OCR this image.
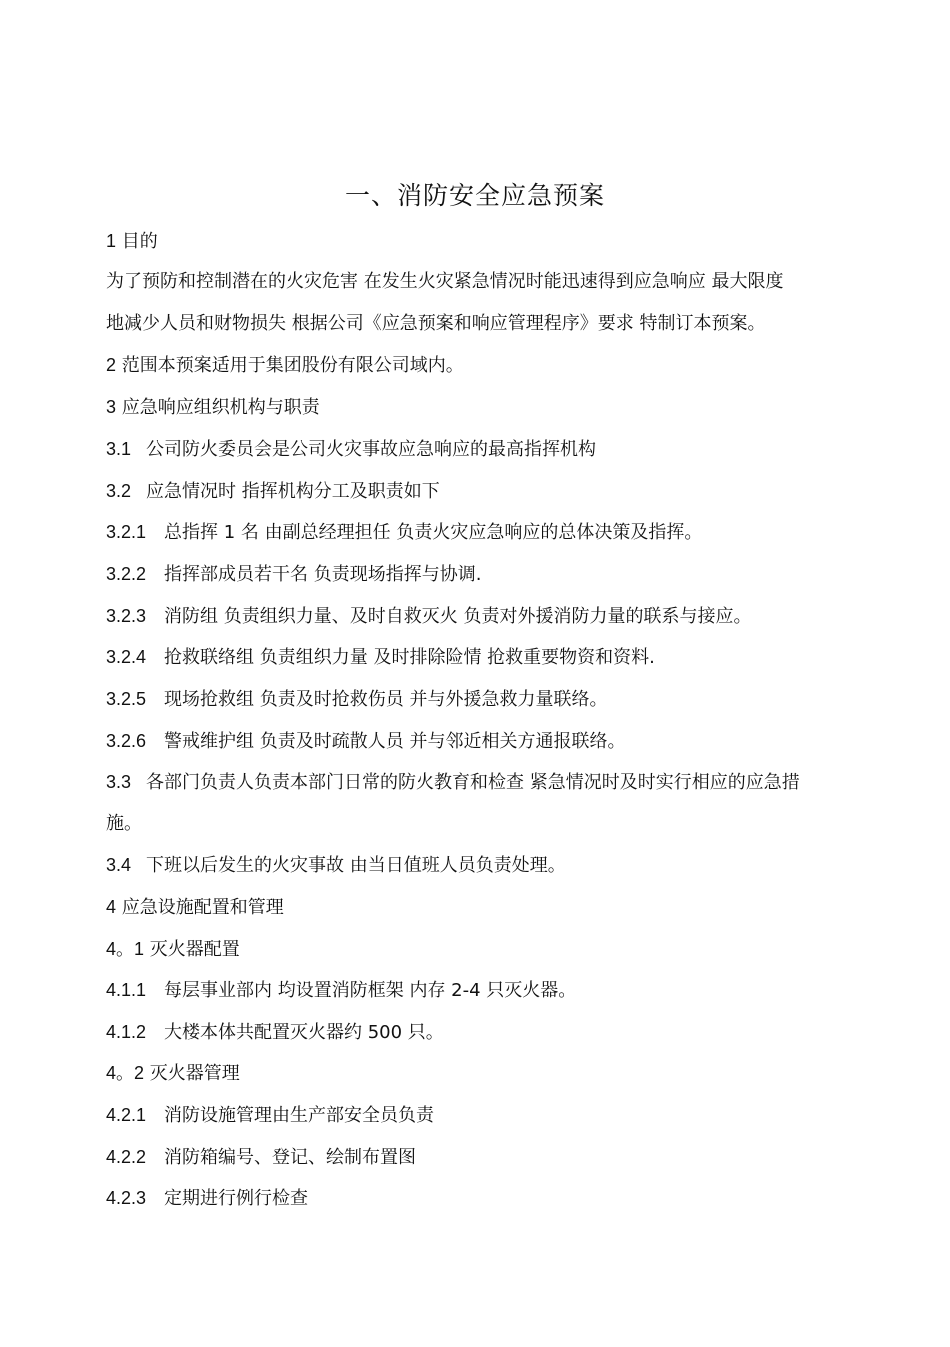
一、消防安全应急预案
1 目的
为了预防和控制潜在的火灾危害 在发生火灾紧急情况时能迅速得到应急响应 最大限度
地减少人员和财物损失 根据公司《应急预案和响应管理程序》要求 特制订本预案。
2 范围本预案适用于集团股份有限公司域内。
3 应急响应组织机构与职责
3.1 公司防火委员会是公司火灾事故应急响应的最高指挥机构
3.2 应急情况时 指挥机构分工及职责如下
3.2.1 总指挥 1 名 由副总经理担任 负责火灾应急响应的总体决策及指挥。
3.2.2 指挥部成员若干名 负责现场指挥与协调.
3.2.3 消防组 负责组织力量、及时自救灭火 负责对外援消防力量的联系与接应。
3.2.4 抢救联络组 负责组织力量 及时排除险情 抢救重要物资和资料.
3.2.5 现场抢救组 负责及时抢救伤员 并与外援急救力量联络。
3.2.6 警戒维护组 负责及时疏散人员 并与邻近相关方通报联络。
3.3 各部门负责人负责本部门日常的防火教育和检查 紧急情况时及时实行相应的应急措
施。
3.4 下班以后发生的火灾事故 由当日值班人员负责处理。
4 应急设施配置和管理
4。1 灭火器配置
4.1.1 每层事业部内 均设置消防框架 内存 2-4 只灭火器。
4.1.2 大楼本体共配置灭火器约 500 只。
4。2 灭火器管理
4.2.1 消防设施管理由生产部安全员负责
4.2.2 消防箱编号、登记、绘制布置图
4.2.3 定期进行例行检查
